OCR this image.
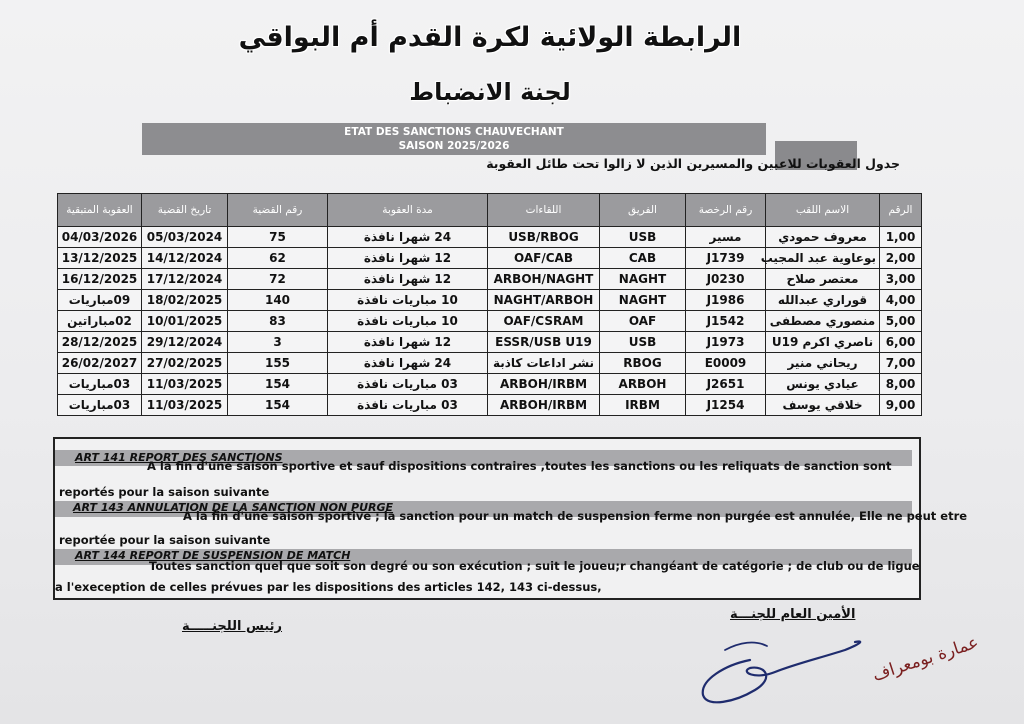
الرابطة الولائية لكرة القدم أم البواقي
لجنة الانضباط
ETAT DES SANCTIONS CHAUVECHANT
SAISON 2025/2026
جدول العقوبات للاعبين والمسيرين الذين لا زالوا تحت طائل العقوبة
العقوبة المتبقية	تاريخ القضية	رقم القضية	مدة العقوبة	اللقاءات	الفريق	رقم الرخصة	الاسم اللقب	الرقم
04/03/2026	05/03/2024	75	24 شهرا نافذة	USB/RBOG	USB	مسير	معروف حمودي	1,00
13/12/2025	14/12/2024	62	12 شهرا نافذة	OAF/CAB	CAB	J1739	بوعاوية عبد المجيب	2,00
16/12/2025	17/12/2024	72	12 شهرا نافذة	ARBOH/NAGHT	NAGHT	J0230	معتصر صلاح	3,00
09مباريات	18/02/2025	140	10 مباريات نافذة	NAGHT/ARBOH	NAGHT	J1986	قوراري عبدالله	4,00
02مباراتين	10/01/2025	83	10 مباريات نافذة	OAF/CSRAM	OAF	J1542	منصوري مصطفى	5,00
28/12/2025	29/12/2024	3	12 شهرا نافذة	ESSR/USB U19	USB	J1973	ناصري اكرم U19	6,00
26/02/2027	27/02/2025	155	24 شهرا نافذة	نشر اداعات كاذبة	RBOG	E0009	ريحاني منير	7,00
03مباريات	11/03/2025	154	03 مباريات نافذة	ARBOH/IRBM	ARBOH	J2651	عيادي يونس	8,00
03مباريات	11/03/2025	154	03 مباريات نافذة	ARBOH/IRBM	IRBM	J1254	خلاقي يوسف	9,00
ART 141 REPORT DES SANCTIONS
A la fin d'une saison sportive et sauf dispositions contraires ,toutes les sanctions ou les reliquats de sanction sont
reportés pour la saison suivante
ART 143 ANNULATION DE LA SANCTION NON PURGE
A la fin d'une saison sportive ; la sanction pour un match de suspension ferme non purgée est annulée, Elle ne peut etre
reportée pour la saison suivante
ART 144 REPORT DE SUSPENSION DE MATCH
Toutes sanction quel que soit son degré ou son exécution ; suit le joueu;r changéant de catégorie ; de club ou de ligue
a l'exeception de celles prévues par les dispositions des articles 142, 143 ci-dessus,
رئيس اللجنـــــة
الأمين العام للجنـــة
عمارة بومعراف
